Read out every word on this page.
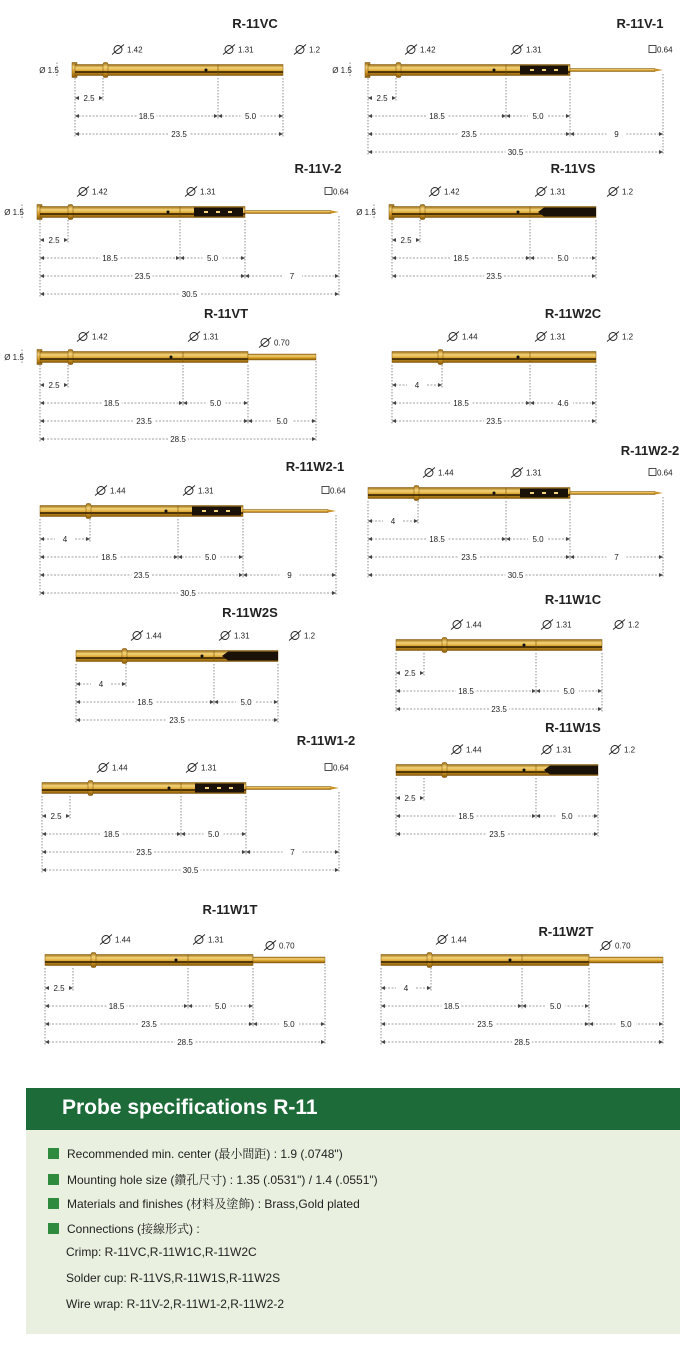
R-11VC
1.42	1.31	1.2
Ø 1.5
2.5
18.5	5.0
23.5
R-11V-1
1.42	1.31	0.64
Ø 1.5
2.5
18.5	5.0
23.5	9
30.5
R-11V-2
1.42	1.31	0.64
Ø 1.5
2.5
18.5	5.0
23.5	7
30.5
R-11VS
1.42	1.31	1.2
Ø 1.5
2.5
18.5	5.0
23.5
R-11VT
1.42	1.31
0.70
Ø 1.5
2.5
18.5	5.0
23.5	5.0
28.5
R-11W2C
1.44	1.31	1.2
4
18.5	4.6
23.5
R-11W2-1
1.44	1.31	0.64
4
18.5	5.0
23.5	9
30.5
R-11W2-2
1.44	1.31	0.64
4
18.5	5.0
23.5	7
30.5
R-11W2S
1.44	1.31	1.2
4
18.5	5.0
23.5
R-11W1C
1.44	1.31	1.2
2.5
18.5	5.0
23.5
R-11W1-2
1.44	1.31	0.64
2.5
18.5	5.0
23.5	7
30.5
R-11W1S
1.44	1.31	1.2
2.5
18.5	5.0
23.5
R-11W1T
1.44	1.31
0.70
2.5
18.5	5.0
23.5	5.0
28.5
R-11W2T
1.44
0.70
4
18.5	5.0
23.5	5.0
28.5
Probe specifications R-11
Recommended min. center (最小間距) : 1.9 (.0748")
Mounting hole size (鑽孔尺寸) : 1.35 (.0531") / 1.4 (.0551")
Materials and finishes (材料及塗飾) : Brass,Gold plated
Connections (接線形式) :
Crimp: R-11VC,R-11W1C,R-11W2C
Solder cup: R-11VS,R-11W1S,R-11W2S
Wire wrap: R-11V-2,R-11W1-2,R-11W2-2
